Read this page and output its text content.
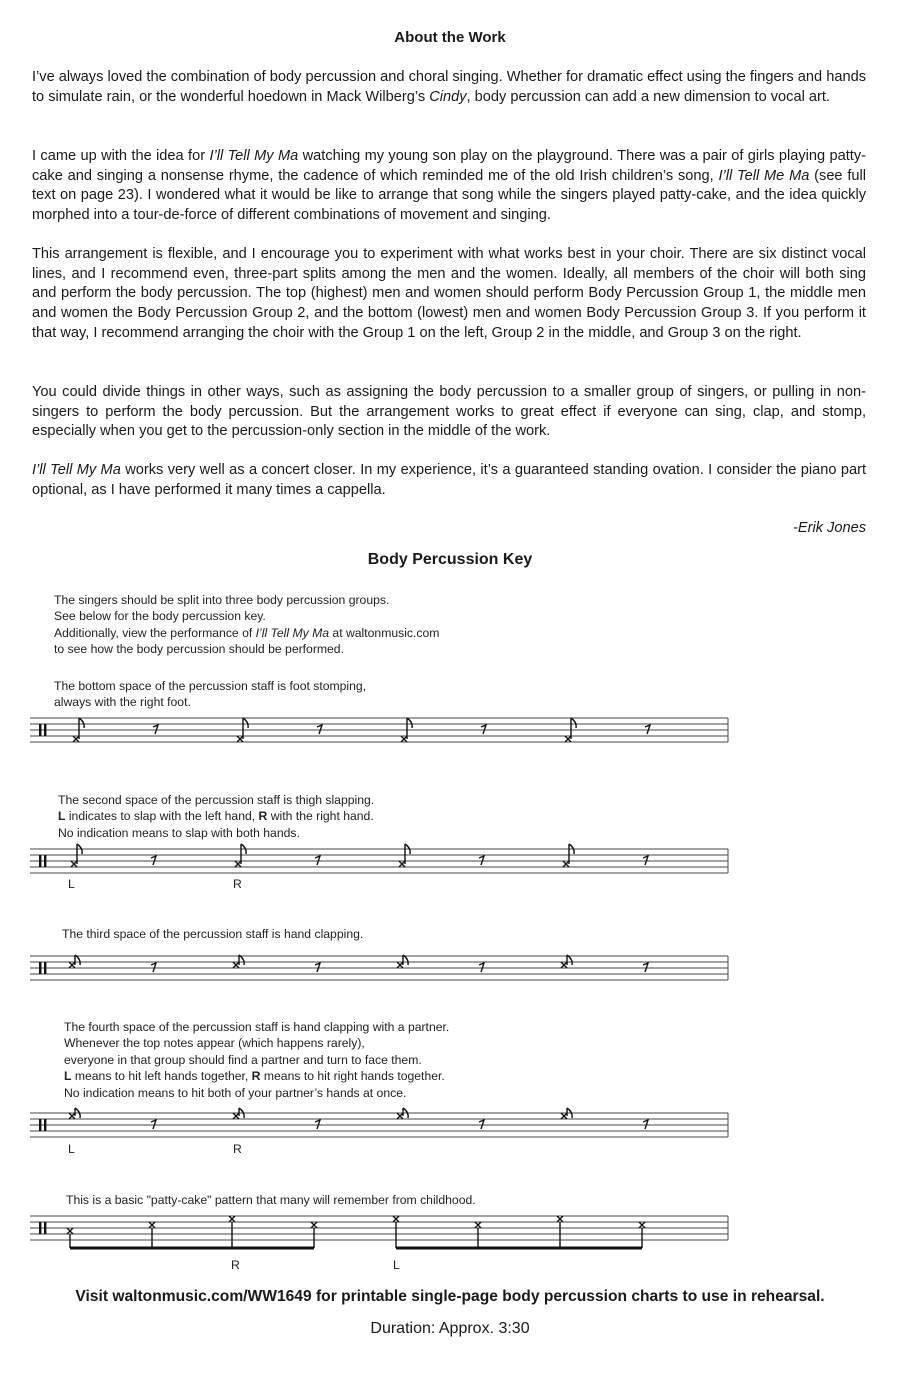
About the Work

I’ve always loved the combination of body percussion and choral singing. Whether for dramatic effect using the fingers and hands to simulate rain, or the wonderful hoedown in Mack Wilberg’s Cindy, body percussion can add a new dimension to vocal art.

I came up with the idea for I’ll Tell My Ma watching my young son play on the playground. There was a pair of girls playing patty-cake and singing a nonsense rhyme, the cadence of which reminded me of the old Irish children’s song, I’ll Tell Me Ma (see full text on page 23). I wondered what it would be like to arrange that song while the singers played patty-cake, and the idea quickly morphed into a tour-de-force of different combinations of movement and singing.

This arrangement is flexible, and I encourage you to experiment with what works best in your choir. There are six distinct vocal lines, and I recommend even, three-part splits among the men and the women. Ideally, all members of the choir will both sing and perform the body percussion. The top (highest) men and women should perform Body Percussion Group 1, the middle men and women the Body Percussion Group 2, and the bottom (lowest) men and women Body Percussion Group 3. If you perform it that way, I recommend arranging the choir with the Group 1 on the left, Group 2 in the middle, and Group 3 on the right.

You could divide things in other ways, such as assigning the body percussion to a smaller group of singers, or pulling in non-singers to perform the body percussion. But the arrangement works to great effect if everyone can sing, clap, and stomp, especially when you get to the percussion-only section in the middle of the work.

I’ll Tell My Ma works very well as a concert closer. In my experience, it’s a guaranteed standing ovation. I consider the piano part optional, as I have performed it many times a cappella.

-Erik Jones
Body Percussion Key
The singers should be split into three body percussion groups.
See below for the body percussion key.
Additionally, view the performance of I’ll Tell My Ma at waltonmusic.com
to see how the body percussion should be performed.
The bottom space of the percussion staff is foot stomping,
always with the right foot.
The second space of the percussion staff is thigh slapping.
L indicates to slap with the left hand, R with the right hand.
No indication means to slap with both hands.
L	R
The third space of the percussion staff is hand clapping.
The fourth space of the percussion staff is hand clapping with a partner.
Whenever the top notes appear (which happens rarely),
everyone in that group should find a partner and turn to face them.
L means to hit left hands together, R means to hit right hands together.
No indication means to hit both of your partner’s hands at once.
L	R
This is a basic "patty-cake" pattern that many will remember from childhood.
R	L
Visit waltonmusic.com/WW1649 for printable single-page body percussion charts to use in rehearsal.
Duration: Approx. 3:30
